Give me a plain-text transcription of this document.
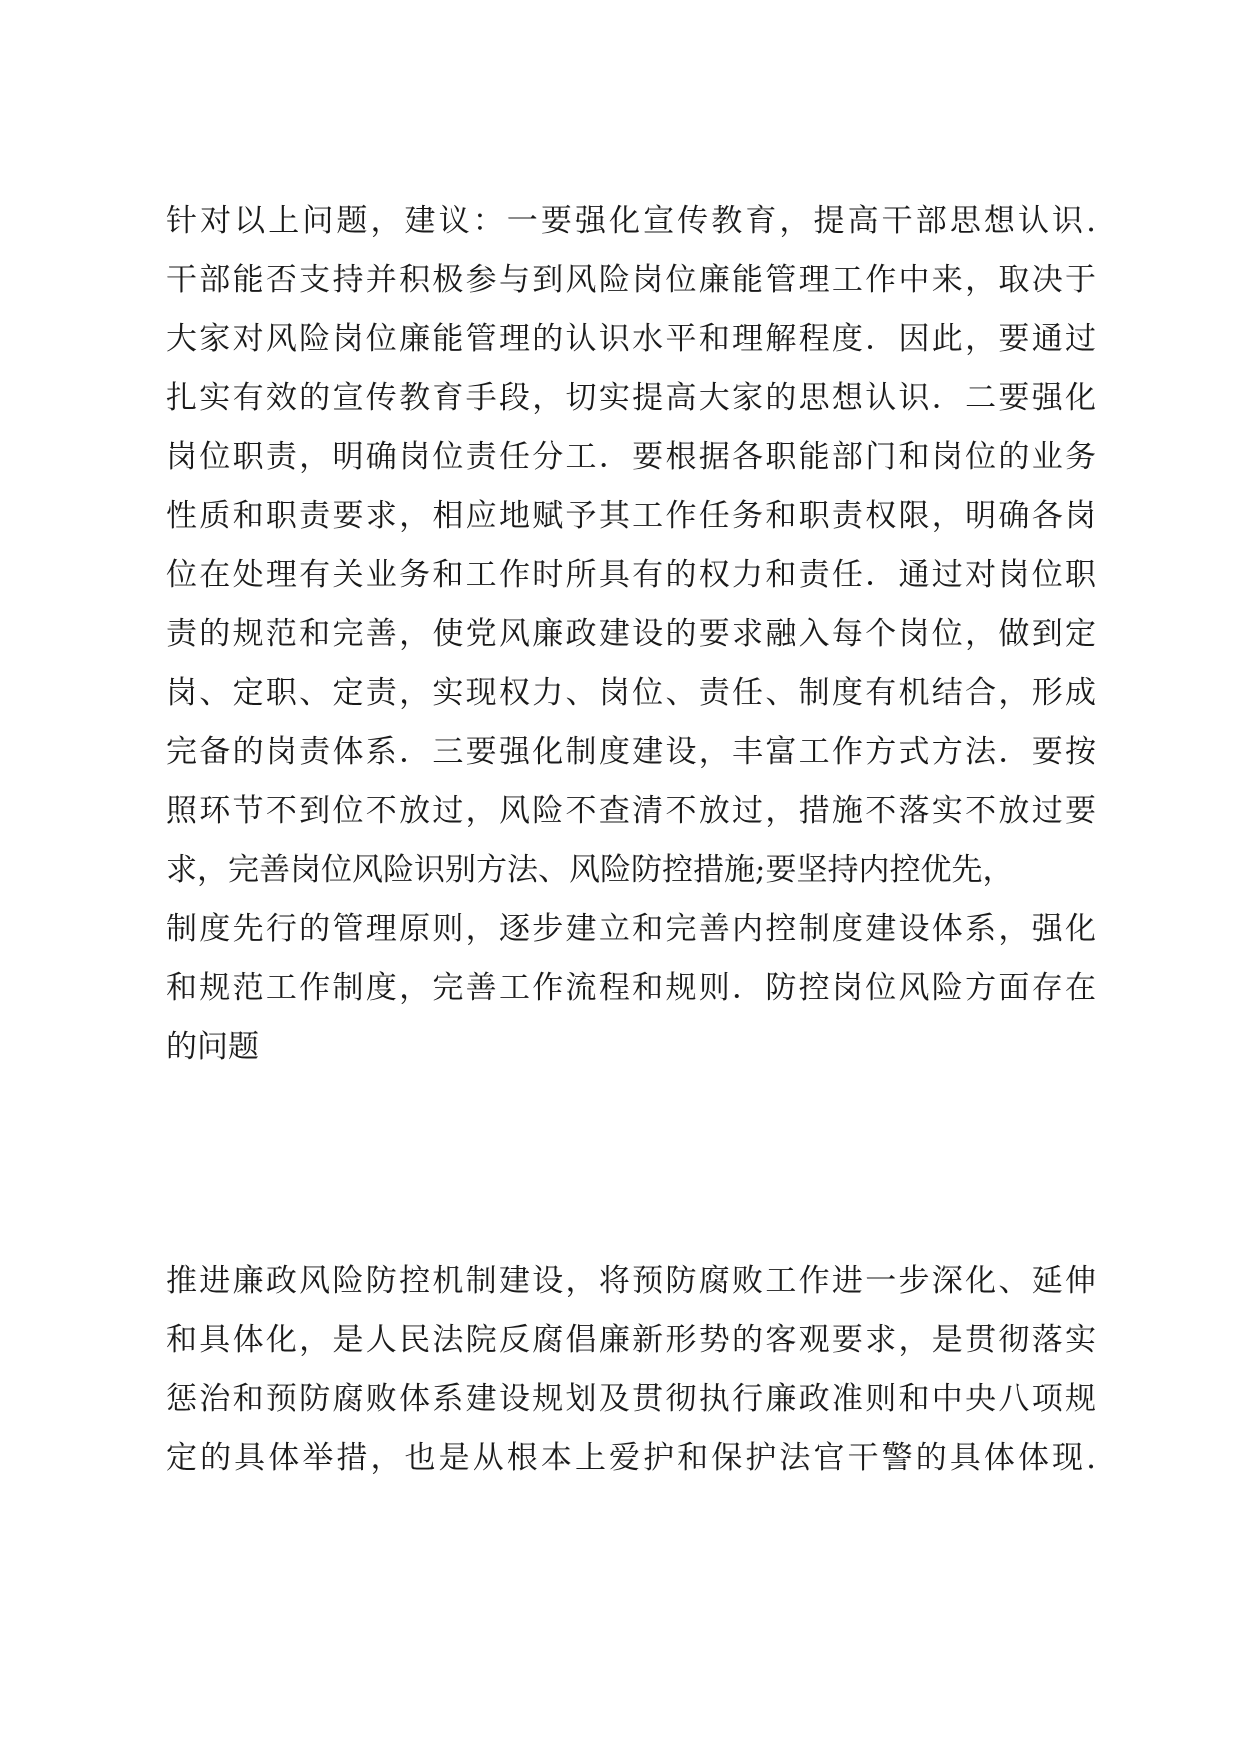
针对以上问题，建议：一要强化宣传教育，提高干部思想认识.
干部能否支持并积极参与到风险岗位廉能管理工作中来，取决于
大家对风险岗位廉能管理的认识水平和理解程度．因此，要通过
扎实有效的宣传教育手段，切实提高大家的思想认识．二要强化
岗位职责，明确岗位责任分工．要根据各职能部门和岗位的业务
性质和职责要求，相应地赋予其工作任务和职责权限，明确各岗
位在处理有关业务和工作时所具有的权力和责任．通过对岗位职
责的规范和完善，使党风廉政建设的要求融入每个岗位，做到定
岗、定职、定责，实现权力、岗位、责任、制度有机结合，形成
完备的岗责体系．三要强化制度建设，丰富工作方式方法．要按
照环节不到位不放过，风险不查清不放过，措施不落实不放过要
求，完善岗位风险识别方法、风险防控措施;要坚持内控优先，
制度先行的管理原则，逐步建立和完善内控制度建设体系，强化
和规范工作制度，完善工作流程和规则．防控岗位风险方面存在
的问题
推进廉政风险防控机制建设，将预防腐败工作进一步深化、延伸
和具体化，是人民法院反腐倡廉新形势的客观要求，是贯彻落实
惩治和预防腐败体系建设规划及贯彻执行廉政准则和中央八项规
定的具体举措，也是从根本上爱护和保护法官干警的具体体现.
